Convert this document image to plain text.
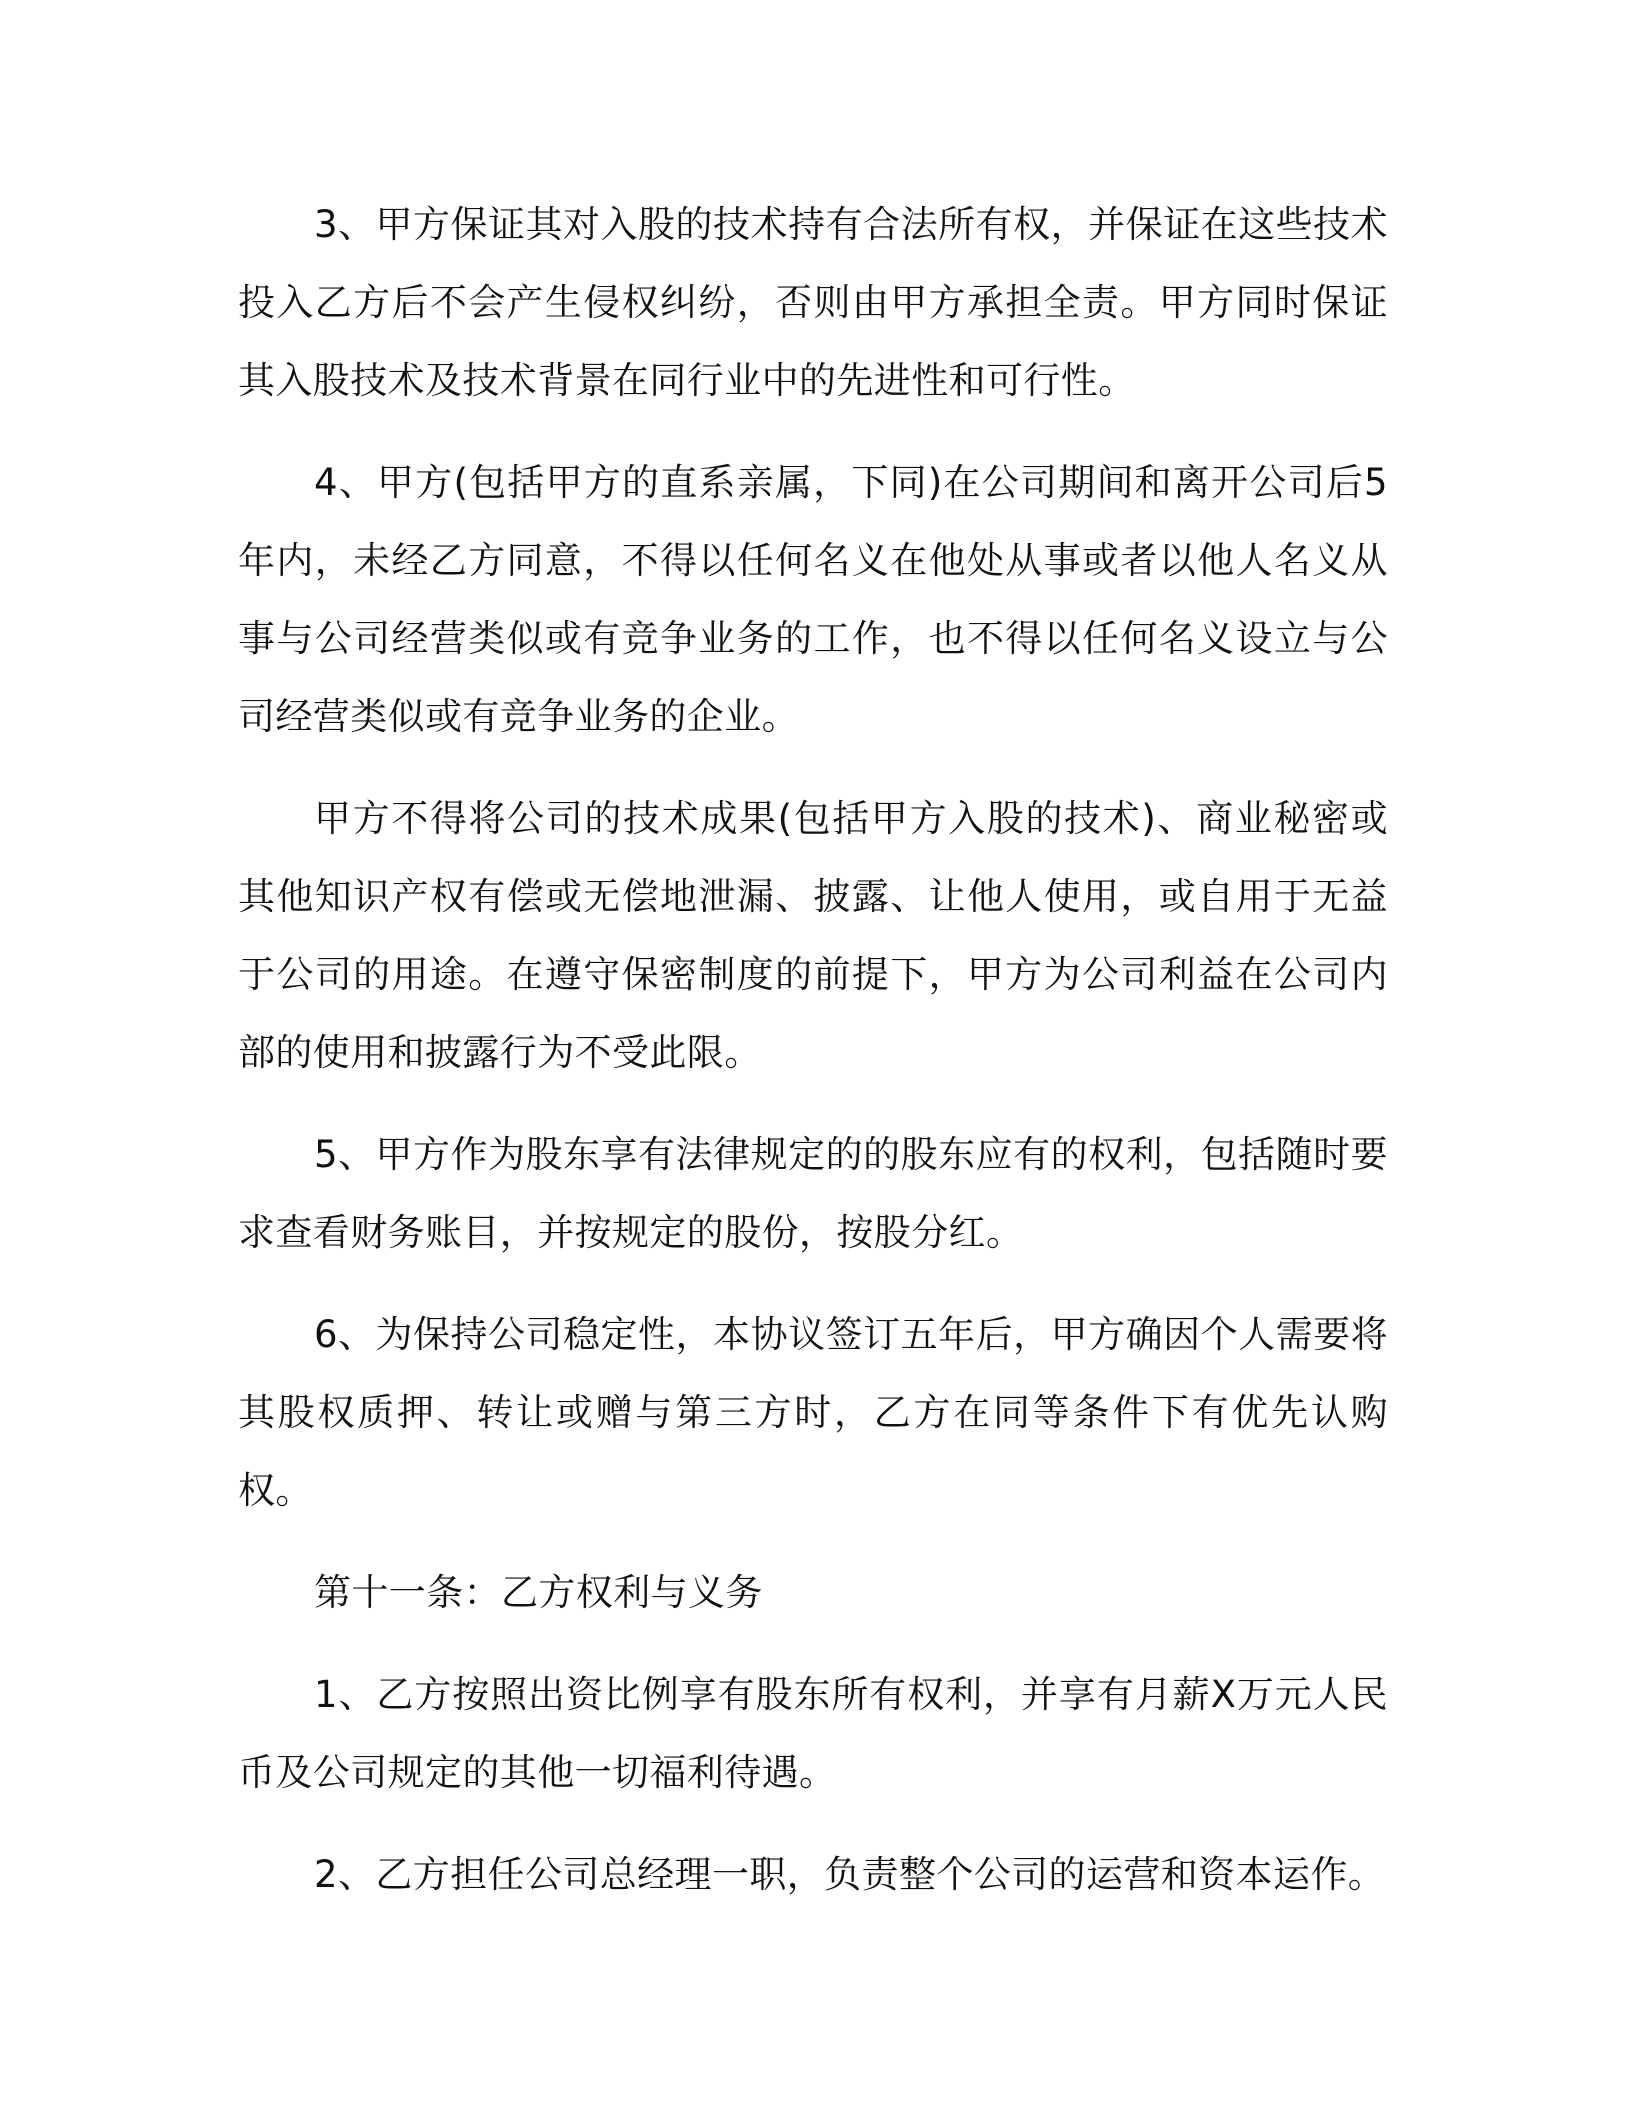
3、甲方保证其对入股的技术持有合法所有权，并保证在这些技术投入乙方后不会产生侵权纠纷，否则由甲方承担全责。甲方同时保证其入股技术及技术背景在同行业中的先进性和可行性。

4、甲方(包括甲方的直系亲属，下同)在公司期间和离开公司后5年内，未经乙方同意，不得以任何名义在他处从事或者以他人名义从事与公司经营类似或有竞争业务的工作，也不得以任何名义设立与公司经营类似或有竞争业务的企业。

甲方不得将公司的技术成果(包括甲方入股的技术)、商业秘密或其他知识产权有偿或无偿地泄漏、披露、让他人使用，或自用于无益于公司的用途。在遵守保密制度的前提下，甲方为公司利益在公司内部的使用和披露行为不受此限。

5、甲方作为股东享有法律规定的的股东应有的权利，包括随时要求查看财务账目，并按规定的股份，按股分红。

6、为保持公司稳定性，本协议签订五年后，甲方确因个人需要将其股权质押、转让或赠与第三方时，乙方在同等条件下有优先认购权。

第十一条：乙方权利与义务

1、乙方按照出资比例享有股东所有权利，并享有月薪X万元人民币及公司规定的其他一切福利待遇。

2、乙方担任公司总经理一职，负责整个公司的运营和资本运作。
